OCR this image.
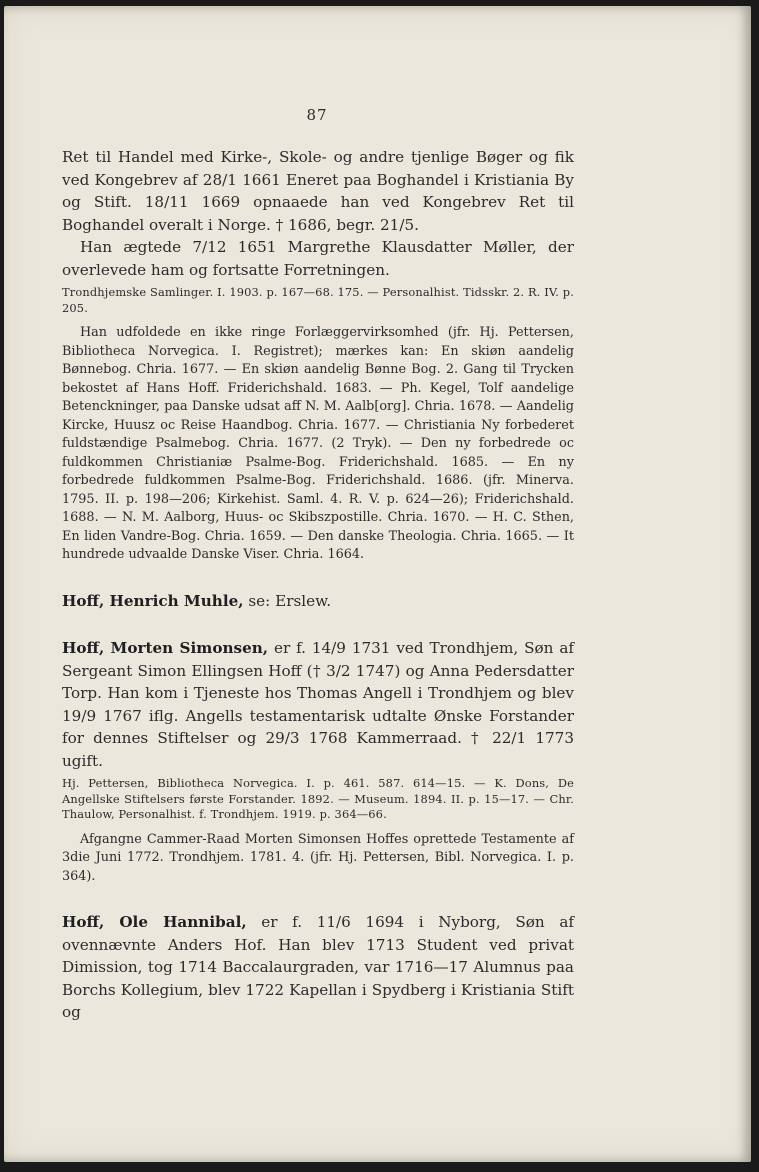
87

Ret til Handel med Kirke-, Skole- og andre tjenlige Bøger og fik ved Kongebrev af 28/1 1661 Eneret paa Boghandel i Kristiania By og Stift. 18/11 1669 opnaaede han ved Kongebrev Ret til Boghandel overalt i Norge. † 1686, begr. 21/5.

Han ægtede 7/12 1651 Margrethe Klausdatter Møller, der overlevede ham og fortsatte Forretningen.

Trondhjemske Samlinger. I. 1903. p. 167—68. 175. — Personalhist. Tidsskr. 2. R. IV. p. 205.

Han udfoldede en ikke ringe Forlæggervirksomhed (jfr. Hj. Pettersen, Bibliotheca Norvegica. I. Registret); mærkes kan: En skiøn aandelig Bønnebog. Chria. 1677. — En skiøn aandelig Bønne Bog. 2. Gang til Trycken bekostet af Hans Hoff. Friderichshald. 1683. — Ph. Kegel, Tolf aandelige Betenckninger, paa Danske udsat aff N. M. Aalb[org]. Chria. 1678. — Aandelig Kircke, Huusz oc Reise Haandbog. Chria. 1677. — Christiania Ny forbederet fuldstændige Psalmebog. Chria. 1677. (2 Tryk). — Den ny forbedrede oc fuldkommen Christianiæ Psalme-Bog. Friderichshald. 1685. — En ny forbedrede fuldkommen Psalme-Bog. Friderichshald. 1686. (jfr. Minerva. 1795. II. p. 198—206; Kirkehist. Saml. 4. R. V. p. 624—26); Friderichshald. 1688. — N. M. Aalborg, Huus- oc Skibszpostille. Chria. 1670. — H. C. Sthen, En liden Vandre-Bog. Chria. 1659. — Den danske Theologia. Chria. 1665. — It hundrede udvaalde Danske Viser. Chria. 1664.

Hoff, Henrich Muhle, se: Erslew.

Hoff, Morten Simonsen, er f. 14/9 1731 ved Trondhjem, Søn af Sergeant Simon Ellingsen Hoff († 3/2 1747) og Anna Pedersdatter Torp. Han kom i Tjeneste hos Thomas Angell i Trondhjem og blev 19/9 1767 iflg. Angells testamentarisk udtalte Ønske Forstander for dennes Stiftelser og 29/3 1768 Kammerraad. † 22/1 1773 ugift.

Hj. Pettersen, Bibliotheca Norvegica. I. p. 461. 587. 614—15. — K. Dons, De Angellske Stiftelsers første Forstander. 1892. — Museum. 1894. II. p. 15—17. — Chr. Thaulow, Personalhist. f. Trondhjem. 1919. p. 364—66.

Afgangne Cammer-Raad Morten Simonsen Hoffes oprettede Testamente af 3die Juni 1772. Trondhjem. 1781. 4. (jfr. Hj. Pettersen, Bibl. Norvegica. I. p. 364).

Hoff, Ole Hannibal, er f. 11/6 1694 i Nyborg, Søn af ovennævnte Anders Hof. Han blev 1713 Student ved privat Dimission, tog 1714 Baccalaurgraden, var 1716—17 Alumnus paa Borchs Kollegium, blev 1722 Kapellan i Spydberg i Kristiania Stift og
